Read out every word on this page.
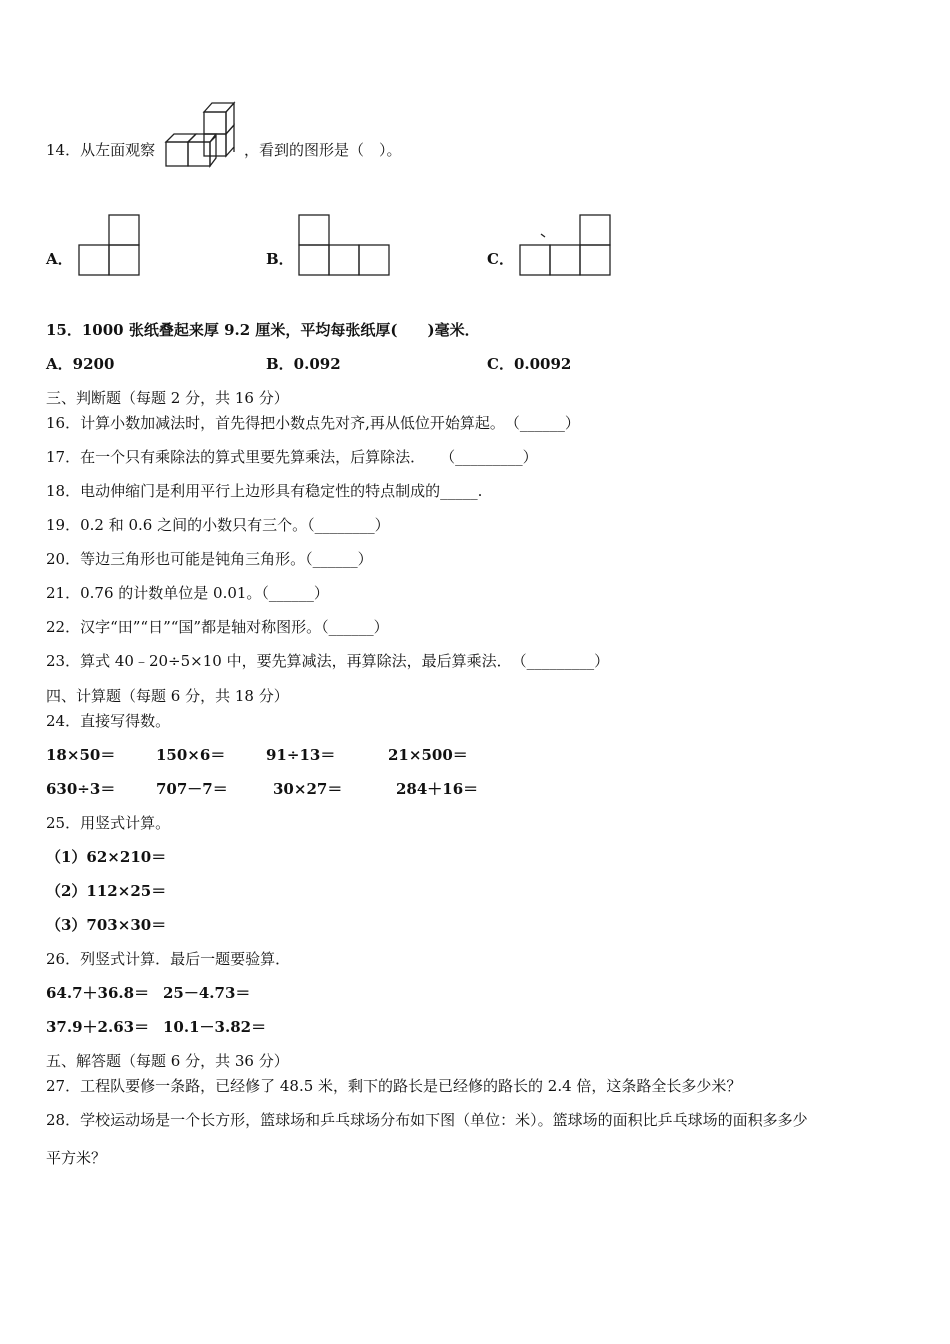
14．从左面观察	，看到的图形是（　）。
A．	B．	C．
15．1000 张纸叠起来厚 9.2 厘米，平均每张纸厚(　　)毫米．
A．9200	B．0.092	C．0.0092
三、判断题（每题 2 分，共 16 分）
16．计算小数加减法时，首先得把小数点先对齐,再从低位开始算起。　（______）
17．在一个只有乘除法的算式里要先算乘法，后算除法．　　（_________）
18．电动伸缩门是利用平行上边形具有稳定性的特点制成的_____.
19．0.2 和 0.6 之间的小数只有三个。（________）
20．等边三角形也可能是钝角三角形。（______）
21．0.76 的计数单位是 0.01。（______）
22．汉字“田”“日”“国”都是轴对称图形。（______）
23．算式 40﹣20÷5×10 中，要先算减法，再算除法，最后算乘法．　（_________）
四、计算题（每题 6 分，共 18 分）
24．直接写得数。
18×50＝	150×6＝	91÷13＝	21×500＝
630÷3＝	707－7＝	30×27＝	284＋16＝
25．用竖式计算。
（1）62×210＝
（2）112×25＝
（3）703×30＝
26．列竖式计算．最后一题要验算．
64.7＋36.8＝ 25－4.73＝
37.9＋2.63＝ 10.1－3.82＝
五、解答题（每题 6 分，共 36 分）
27．工程队要修一条路，已经修了 48.5 米，剩下的路长是已经修的路长的 2.4 倍，这条路全长多少米？
28．学校运动场是一个长方形，篮球场和乒乓球场分布如下图（单位：米）。篮球场的面积比乒乓球场的面积多多少
平方米？
